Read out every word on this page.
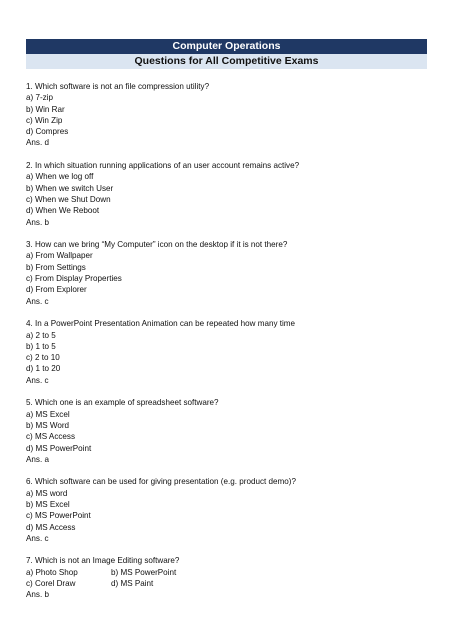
Computer Operations
Questions for All Competitive Exams
1. Which software is not an file compression utility?
a) 7-zip
b) Win Rar
c) Win Zip
d) Compres
Ans. d
2. In which situation running applications of an user account remains active?
a) When we log off
b) When we switch User
c) When we Shut Down
d) When We Reboot
Ans. b
3. How can we bring “My Computer” icon on the desktop if it is not there?
a) From Wallpaper
b) From Settings
c) From Display Properties
d) From Explorer
Ans. c
4. In a PowerPoint Presentation Animation can be repeated how many time
a) 2 to 5
b) 1 to 5
c) 2 to 10
d) 1 to 20
Ans. c
5. Which one is an example of spreadsheet software?
a) MS Excel
b) MS Word
c) MS Access
d) MS PowerPoint
Ans. a
6. Which software can be used for giving presentation (e.g. product demo)?
a) MS word
b) MS Excel
c) MS PowerPoint
d) MS Access
Ans. c
7. Which is not an Image Editing software?
a) Photo Shop	b) MS PowerPoint
c) Corel Draw	d) MS Paint
Ans. b
